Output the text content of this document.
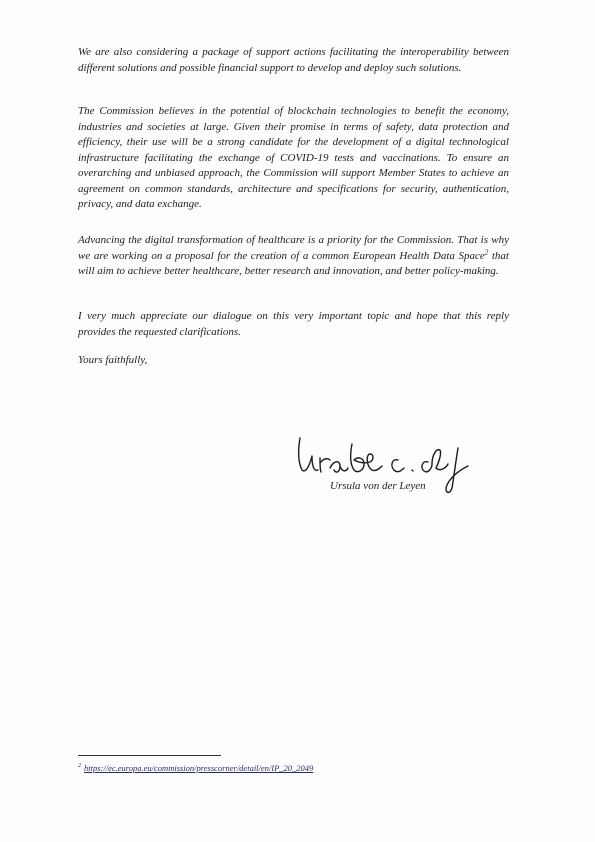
We are also considering a package of support actions facilitating the interoperability between different solutions and possible financial support to develop and deploy such solutions.

The Commission believes in the potential of blockchain technologies to benefit the economy, industries and societies at large. Given their promise in terms of safety, data protection and efficiency, their use will be a strong candidate for the development of a digital technological infrastructure facilitating the exchange of COVID-19 tests and vaccinations. To ensure an overarching and unbiased approach, the Commission will support Member States to achieve an agreement on common standards, architecture and specifications for security, authentication, privacy, and data exchange.

Advancing the digital transformation of healthcare is a priority for the Commission. That is why we are working on a proposal for the creation of a common European Health Data Space$^2$ that will aim to achieve better healthcare, better research and innovation, and better policy-making.

I very much appreciate our dialogue on this very important topic and hope that this reply provides the requested clarifications.

Yours faithfully,

Ursula von der Leyen

$^2$ https://ec.europa.eu/commission/presscorner/detail/en/IP_20_2049
